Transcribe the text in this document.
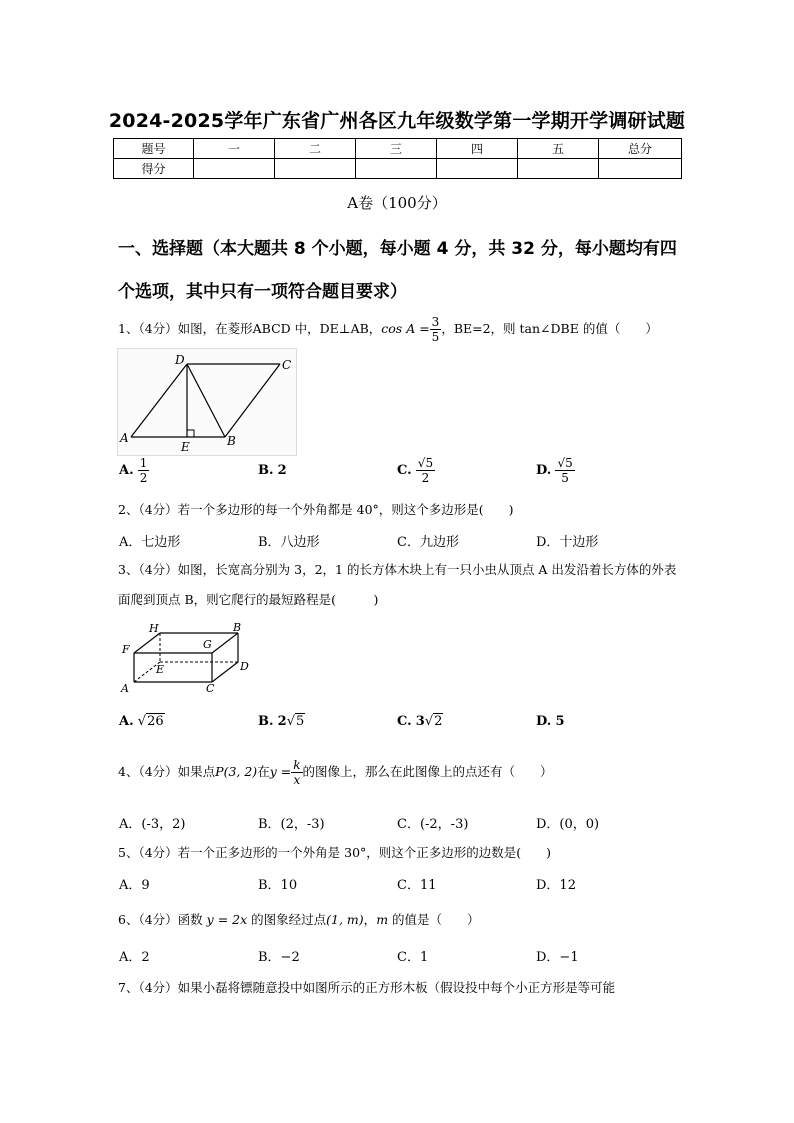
2024-2025学年广东省广州各区九年级数学第一学期开学调研试题
题号	一	二	三	四	五	总分
得分						
A卷（100分）
一、选择题（本大题共 8 个小题，每小题 4 分，共 32 分，每小题均有四个选项，其中只有一项符合题目要求）
1、（4分）如图，在菱形ABCD 中，DE⊥AB，$\cos A = \frac{3}{5}$ ，BE=2，则 tan∠DBE 的值（　　）
A
D	C
B
E
A. $\frac{1}{2}$	B. 2	C. $\frac{√5}{2}$	D. $\frac{√5}{5}$
2、（4分）若一个多边形的每一个外角都是 40°，则这个多边形是(　　)
A．七边形	B．八边形	C．九边形	D．十边形
3、（4分）如图，长宽高分别为 3，2，1 的长方体木块上有一只小虫从顶点 A 出发沿着长方体的外表面爬到顶点 B，则它爬行的最短路程是(　　　)
H	B
F	G
D
E
A	C
A. √26	B. 2√5	C. 3√2	D. 5
4、（4分）如果点P(3, 2)在$y = \frac{k}{x}$ 的图像上，那么在此图像上的点还有（　　）
A．(-3，2)	B．(2，-3)	C．(-2，-3)	D．(0，0)
5、（4分）若一个正多边形的一个外角是 30°，则这个正多边形的边数是(　　)
A．9	B．10	C．11	D．12
6、（4分）函数 y = 2x 的图象经过点(1, m)，m 的值是（　　）
A．2	B．−2	C．1	D．−1
7、（4分）如果小磊将镖随意投中如图所示的正方形木板（假设投中每个小正方形是等可能
